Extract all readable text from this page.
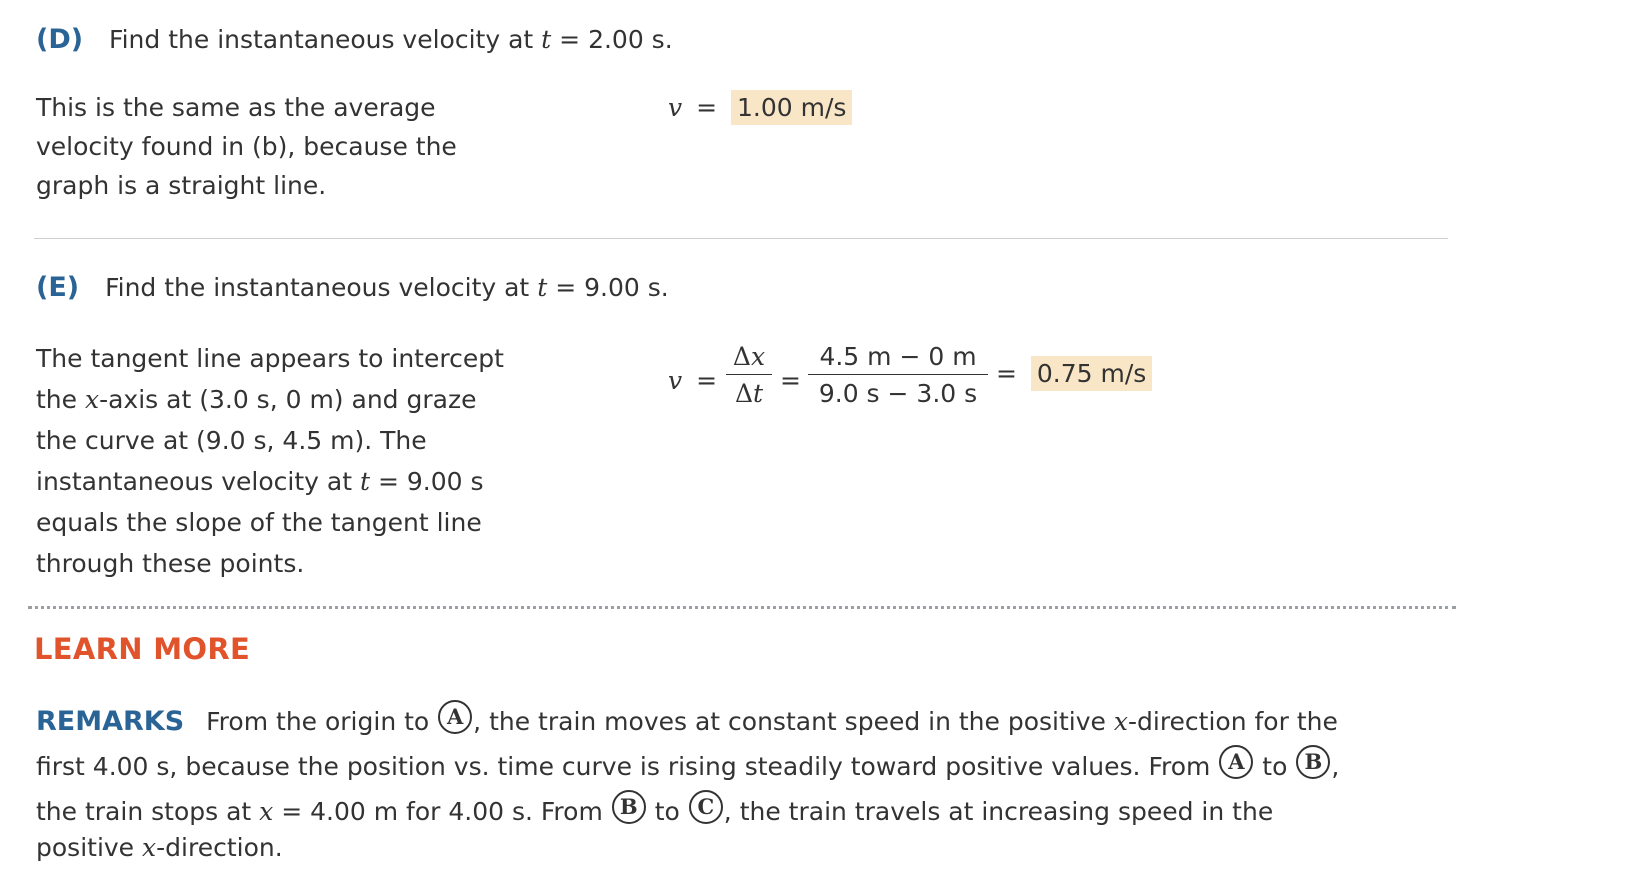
(D) Find the instantaneous velocity at t = 2.00 s.
This is the same as the average
velocity found in (b), because the
graph is a straight line.
v = 1.00 m/s
(E) Find the instantaneous velocity at t = 9.00 s.
The tangent line appears to intercept
the x-axis at (3.0 s, 0 m) and graze
the curve at (9.0 s, 4.5 m). The
instantaneous velocity at t = 9.00 s
equals the slope of the tangent line
through these points.
v =
Δx
Δt =
4.5 m − 0 m
9.0 s − 3.0 s
= 0.75 m/s
LEARN MORE
REMARKS From the origin to A , the train moves at constant speed in the positive x-direction for the
first 4.00 s, because the position vs. time curve is rising steadily toward positive values. From A to B ,
the train stops at x = 4.00 m for 4.00 s. From B to C , the train travels at increasing speed in the
positive x-direction.
